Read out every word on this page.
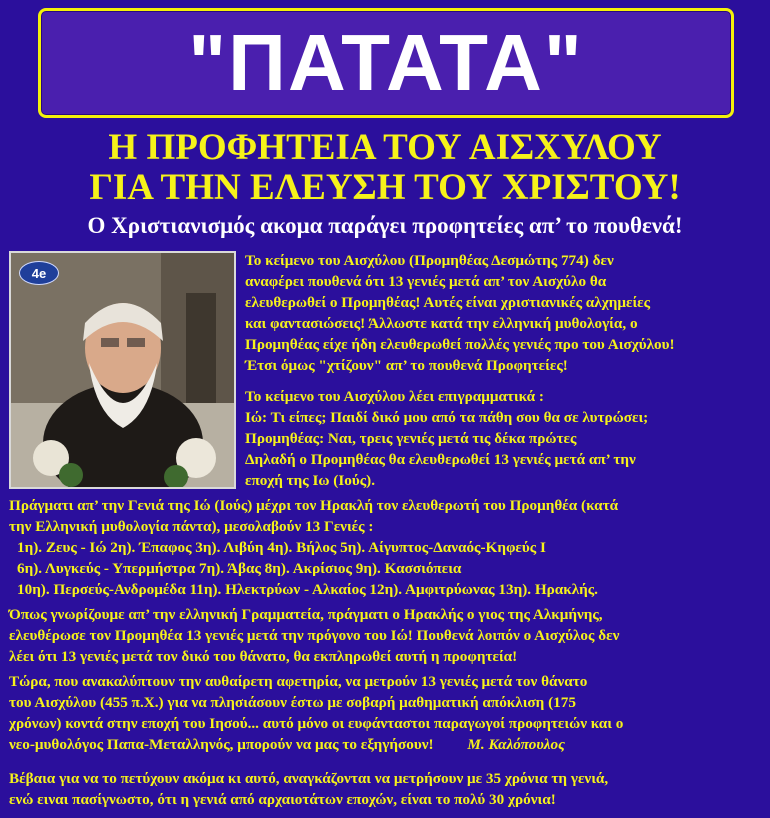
"ΠΑΤΑΤΑ"
Η ΠΡΟΦΗΤΕΙΑ ΤΟΥ ΑΙΣΧΥΛΟΥ
ΓΙΑ ΤΗΝ ΕΛΕΥΣΗ ΤΟΥ ΧΡΙΣΤΟΥ!
Ο Χριστιανισμός ακομα παράγει προφητείες απ’ το πουθενά!
4e
Το κείμενο του Αισχύλου (Προμηθέας Δεσμώτης 774) δεν
αναφέρει πουθενά ότι 13 γενιές μετά απ’ τον Αισχύλο θα
ελευθερωθεί ο Προμηθέας! Αυτές είναι χριστιανικές αλχημείες
και φαντασιώσεις! Άλλωστε κατά την ελληνική μυθολογία, ο
Προμηθέας είχε ήδη ελευθερωθεί πολλές γενιές προ του Αισχύλου!
Έτσι όμως "χτίζουν" απ’ το πουθενά Προφητείες!
Το κείμενο του Αισχύλου λέει επιγραμματικά :
Ιώ: Τι είπες; Παιδί δικό μου από τα πάθη σου θα σε λυτρώσει;
Προμηθέας: Ναι, τρεις γενιές μετά τις δέκα πρώτες
Δηλαδή ο Προμηθέας θα ελευθερωθεί 13 γενιές μετά απ’ την
εποχή της Ιω (Ιούς).
Πράγματι απ’ την Γενιά της Ιώ (Ιούς) μέχρι τον Ηρακλή τον ελευθερωτή του Προμηθέα (κατά
την Ελληνική μυθολογία πάντα), μεσολαβούν 13 Γενιές :
1η). Ζευς - Ιώ 2η). Έπαφος 3η). Λιβύη 4η). Βήλος 5η). Αίγυπτος-Δαναός-Κηφεύς Ι
6η). Λυγκεύς - Υπερμήστρα 7η). Άβας 8η). Ακρίσιος 9η). Κασσιόπεια
10η). Περσεύς-Ανδρομέδα 11η). Ηλεκτρύων - Αλκαίος 12η). Αμφιτρύωνας 13η). Ηρακλής.
Όπως γνωρίζουμε απ’ την ελληνική Γραμματεία, πράγματι ο Ηρακλής ο γιος της Αλκμήνης,
ελευθέρωσε τον Προμηθέα 13 γενιές μετά την πρόγονο του Ιώ! Πουθενά λοιπόν ο Αισχύλος δεν
λέει ότι 13 γενιές μετά τον δικό του θάνατο, θα εκπληρωθεί αυτή η προφητεία!
Τώρα, που ανακαλύπτουν την αυθαίρετη αφετηρία, να μετρούν 13 γενιές μετά τον θάνατο
του Αισχύλου (455 π.Χ.) για να πλησιάσουν έστω με σοβαρή μαθηματική απόκλιση (175
χρόνων) κοντά στην εποχή του Ιησού... αυτό μόνο οι ευφάνταστοι παραγωγοί προφητειών και ο
νεο-μυθολόγος Παπα-Μεταλληνός, μπορούν να μας το εξηγήσουν! Μ. Καλόπουλος
Βέβαια για να το πετύχουν ακόμα κι αυτό, αναγκάζονται να μετρήσουν με 35 χρόνια τη γενιά,
ενώ ειναι πασίγνωστο, ότι η γενιά από αρχαιοτάτων εποχών, είναι το πολύ 30 χρόνια!
